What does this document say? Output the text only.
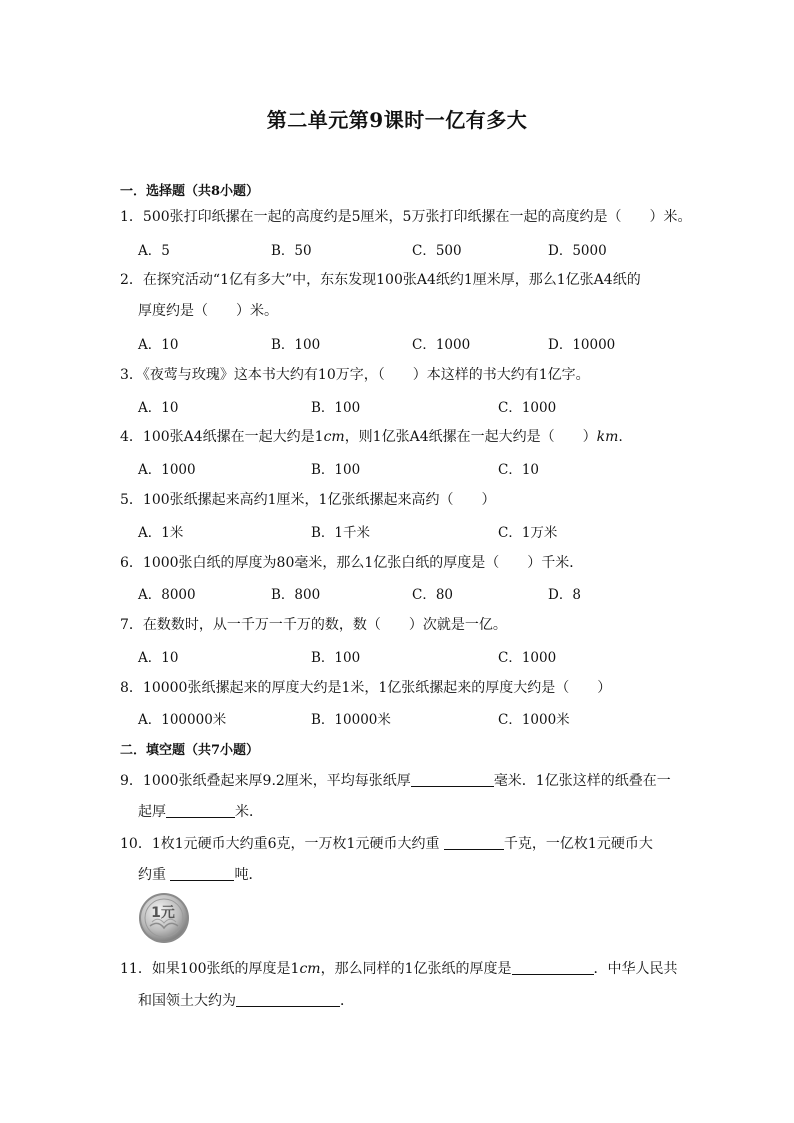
第二单元第9课时一亿有多大
一．选择题（共8小题）
1．500张打印纸摞在一起的高度约是5厘米，5万张打印纸摞在一起的高度约是（　　）米。
A．5	B．50	C．500	D．5000
2．在探究活动“1亿有多大”中，东东发现100张A4纸约1厘米厚，那么1亿张A4纸的
厚度约是（　　）米。
A．10	B．100	C．1000	D．10000
3．《夜莺与玫瑰》这本书大约有10万字，（　　）本这样的书大约有1亿字。
A．10	B．100	C．1000
4．100张A4纸摞在一起大约是1cm，则1亿张A4纸摞在一起大约是（　　）km.
A．1000	B．100	C．10
5．100张纸摞起来高约1厘米，1亿张纸摞起来高约（　　）
A．1米	B．1千米	C．1万米
6．1000张白纸的厚度为80毫米，那么1亿张白纸的厚度是（　　）千米．
A．8000	B．800	C．80	D．8
7．在数数时，从一千万一千万的数，数（　　）次就是一亿。
A．10	B．100	C．1000
8．10000张纸摞起来的厚度大约是1米，1亿张纸摞起来的厚度大约是（　　）
A．100000米	B．10000米	C．1000米
二．填空题（共7小题）
9．1000张纸叠起来厚9.2厘米，平均每张纸厚	毫米．1亿张这样的纸叠在一
起厚	米．
10．1枚1元硬币大约重6克，一万枚1元硬币大约重	千克，一亿枚1元硬币大
约重	吨．
1元
11．如果100张纸的厚度是1cm，那么同样的1亿张纸的厚度是	．中华人民共
和国领土大约为	．
